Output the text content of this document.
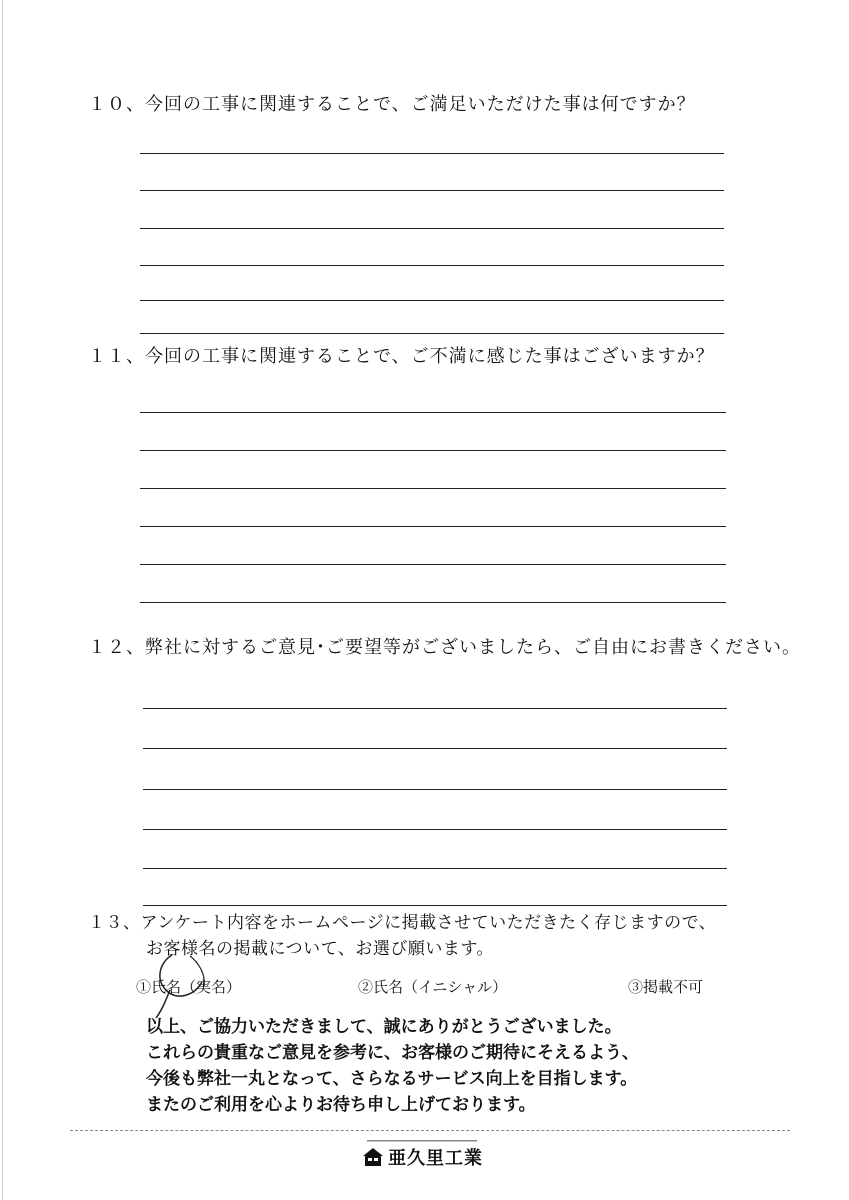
１０、今回の工事に関連することで、ご満足いただけた事は何ですか？
１１、今回の工事に関連することで、ご不満に感じた事はございますか？
１２、弊社に対するご意見･ご要望等がございましたら、ご自由にお書きください。
１３、アンケート内容をホームページに掲載させていただきたく存じますので、
お客様名の掲載について、お選び願います。
①氏名（実名）	②氏名（イニシャル）	③掲載不可
以上、ご協力いただきまして、誠にありがとうございました。
これらの貴重なご意見を参考に、お客様のご期待にそえるよう、
今後も弊社一丸となって、さらなるサービス向上を目指します。
またのご利用を心よりお待ち申し上げております。
亜久里工業
